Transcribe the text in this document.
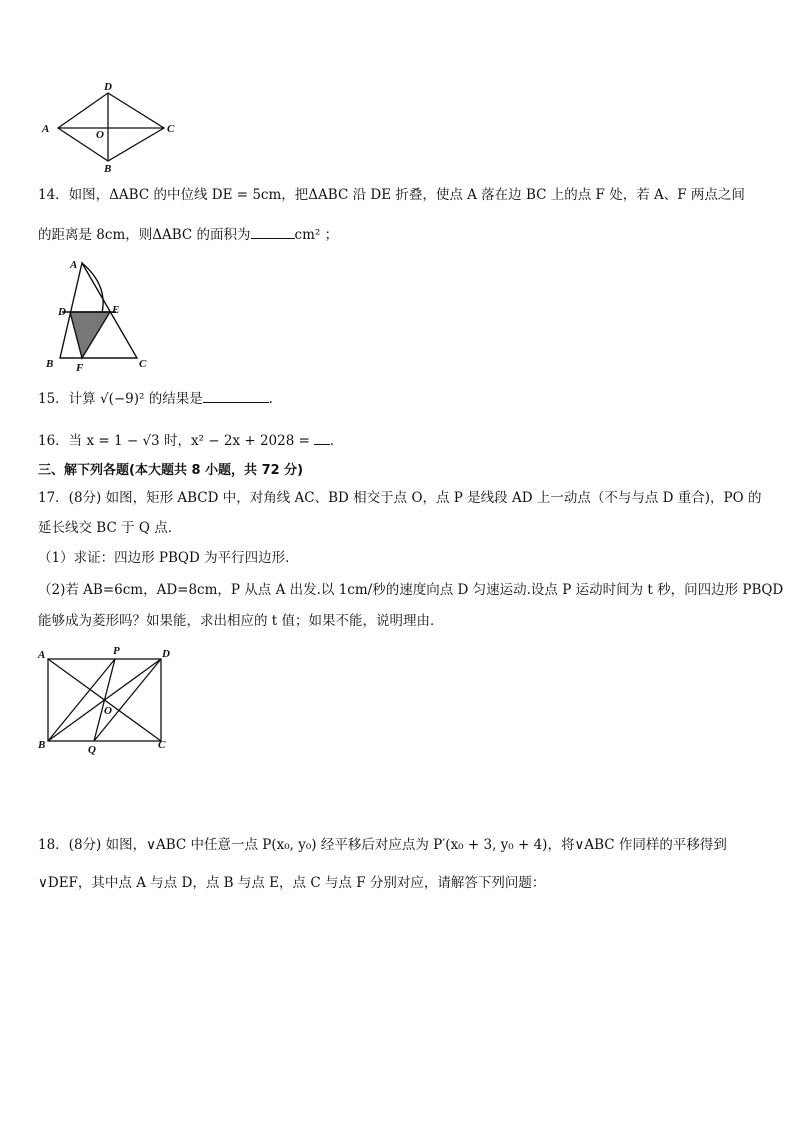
D
A	O	C
B
14．如图，ΔABC 的中位线 DE = 5cm，把ΔABC 沿 DE 折叠，使点 A 落在边 BC 上的点 F 处，若 A、F 两点之间
的距离是 8cm，则ΔABC 的面积为	cm² ；
A
D	E
B F	C
15．计算 √(−9)² 的结果是	．
16．当 x = 1 − √3 时，x² − 2x + 2028 = ．
三、解下列各题(本大题共 8 小题，共 72 分)
17．(8分) 如图，矩形 ABCD 中，对角线 AC、BD 相交于点 O，点 P 是线段 AD 上一动点（不与与点 D 重合)，PO 的
延长线交 BC 于 Q 点．
（1）求证：四边形 PBQD 为平行四边形．
（2)若 AB=6cm，AD=8cm，P 从点 A 出发.以 1cm/秒的速度向点 D 匀速运动.设点 P 运动时间为 t 秒，问四边形 PBQD
能够成为菱形吗？如果能，求出相应的 t 值；如果不能，说明理由．
A	P	D
O
B	Q	C
18．(8分) 如图，∨ABC 中任意一点 P(x₀, y₀) 经平移后对应点为 P′(x₀ + 3, y₀ + 4)，将∨ABC 作同样的平移得到
∨DEF，其中点 A 与点 D，点 B 与点 E，点 C 与点 F 分别对应，请解答下列问题：
